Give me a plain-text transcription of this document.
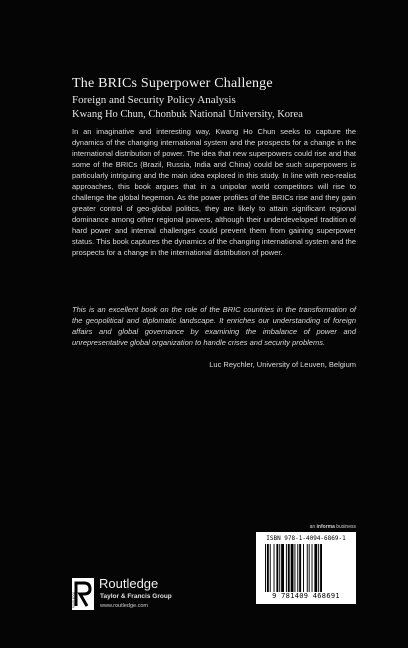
The BRICs Superpower Challenge
Foreign and Security Policy Analysis
Kwang Ho Chun, Chonbuk National University, Korea

In an imaginative and interesting way, Kwang Ho Chun seeks to capture the dynamics of the changing international system and the prospects for a change in the international distribution of power. The idea that new superpowers could rise and that some of the BRICs (Brazil, Russia, India and China) could be such superpowers is particularly intriguing and the main idea explored in this study. In line with neo-realist approaches, this book argues that in a unipolar world competitors will rise to challenge the global hegemon. As the power profiles of the BRICs rise and they gain greater control of geo-global politics, they are likely to attain significant regional dominance among other regional powers, although their underdeveloped tradition of hard power and internal challenges could prevent them from gaining superpower status. This book captures the dynamics of the changing international system and the prospects for a change in the international distribution of power.

This is an excellent book on the role of the BRIC countries in the transformation of the geopolitical and diplomatic landscape. It enriches our understanding of foreign affairs and global governance by examining the imbalance of power and unrepresentative global organization to handle crises and security problems.

Luc Reychler, University of Leuven, Belgium
an informa business
ISBN 978-1-4094-6869-1
9 781409 468691
ROUTLEDGE
Routledge
Taylor & Francis Group
www.routledge.com
